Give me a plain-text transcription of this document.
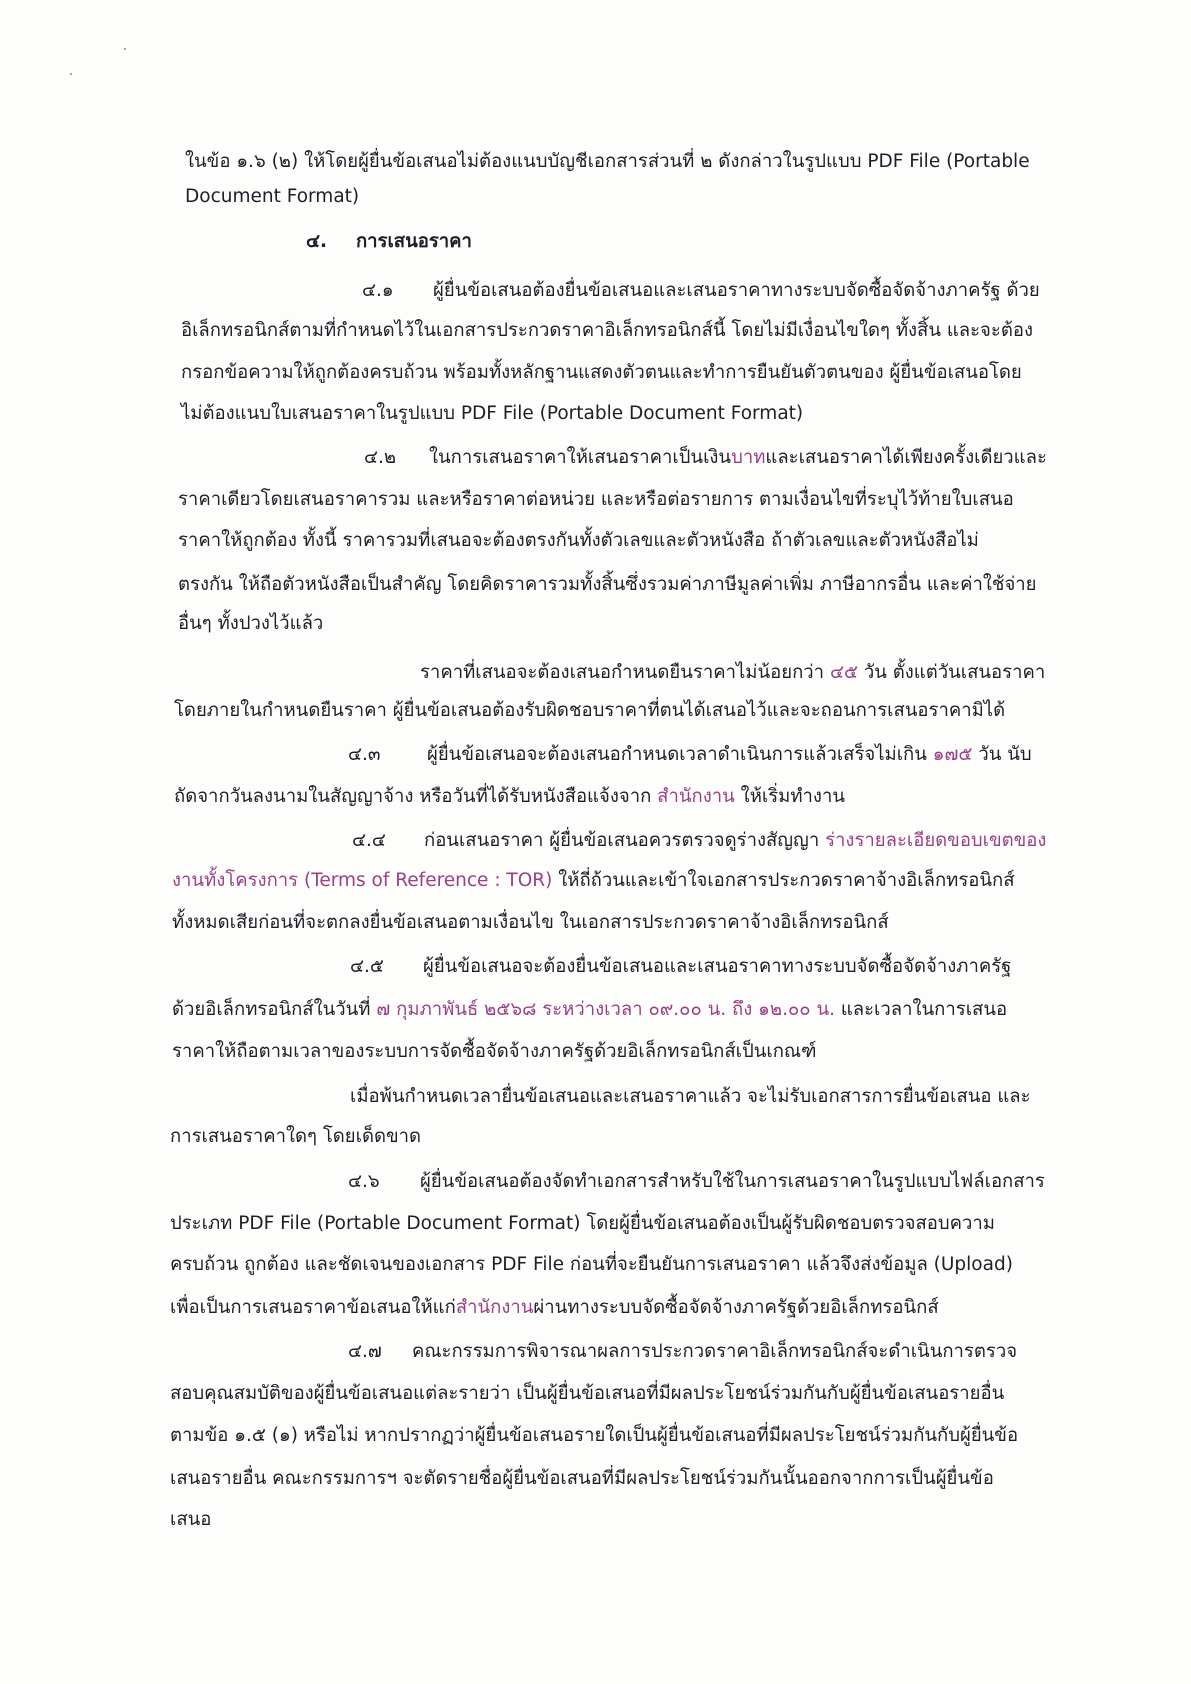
ในข้อ ๑.๖ (๒) ให้โดยผู้ยื่นข้อเสนอไม่ต้องแนบบัญชีเอกสารส่วนที่ ๒ ดังกล่าวในรูปแบบ PDF File (Portable

Document Format)

๔. การเสนอราคา

๔.๑ ผู้ยื่นข้อเสนอต้องยื่นข้อเสนอและเสนอราคาทางระบบจัดซื้อจัดจ้างภาครัฐ ด้วย

อิเล็กทรอนิกส์ตามที่กำหนดไว้ในเอกสารประกวดราคาอิเล็กทรอนิกส์นี้ โดยไม่มีเงื่อนไขใดๆ ทั้งสิ้น และจะต้อง

กรอกข้อความให้ถูกต้องครบถ้วน พร้อมทั้งหลักฐานแสดงตัวตนและทำการยืนยันตัวตนของ ผู้ยื่นข้อเสนอโดย

ไม่ต้องแนบใบเสนอราคาในรูปแบบ PDF File (Portable Document Format)

๔.๒ ในการเสนอราคาให้เสนอราคาเป็นเงินบาทและเสนอราคาได้เพียงครั้งเดียวและ

ราคาเดียวโดยเสนอราคารวม และหรือราคาต่อหน่วย และหรือต่อรายการ ตามเงื่อนไขที่ระบุไว้ท้ายใบเสนอ

ราคาให้ถูกต้อง ทั้งนี้ ราคารวมที่เสนอจะต้องตรงกันทั้งตัวเลขและตัวหนังสือ ถ้าตัวเลขและตัวหนังสือไม่

ตรงกัน ให้ถือตัวหนังสือเป็นสำคัญ โดยคิดราคารวมทั้งสิ้นซึ่งรวมค่าภาษีมูลค่าเพิ่ม ภาษีอากรอื่น และค่าใช้จ่าย

อื่นๆ ทั้งปวงไว้แล้ว

ราคาที่เสนอจะต้องเสนอกำหนดยืนราคาไม่น้อยกว่า ๔๕ วัน ตั้งแต่วันเสนอราคา

โดยภายในกำหนดยืนราคา ผู้ยื่นข้อเสนอต้องรับผิดชอบราคาที่ตนได้เสนอไว้และจะถอนการเสนอราคามิได้

๔.๓	ผู้ยื่นข้อเสนอจะต้องเสนอกำหนดเวลาดำเนินการแล้วเสร็จไม่เกิน ๑๗๕ วัน นับ

ถัดจากวันลงนามในสัญญาจ้าง หรือวันที่ได้รับหนังสือแจ้งจาก สำนักงาน ให้เริ่มทำงาน

๔.๔ ก่อนเสนอราคา ผู้ยื่นข้อเสนอควรตรวจดูร่างสัญญา ร่างรายละเอียดขอบเขตของ

งานทั้งโครงการ (Terms of Reference : TOR) ให้ถี่ถ้วนและเข้าใจเอกสารประกวดราคาจ้างอิเล็กทรอนิกส์

ทั้งหมดเสียก่อนที่จะตกลงยื่นข้อเสนอตามเงื่อนไข ในเอกสารประกวดราคาจ้างอิเล็กทรอนิกส์

๔.๕ ผู้ยื่นข้อเสนอจะต้องยื่นข้อเสนอและเสนอราคาทางระบบจัดซื้อจัดจ้างภาครัฐ

ด้วยอิเล็กทรอนิกส์ในวันที่ ๗ กุมภาพันธ์ ๒๕๖๘ ระหว่างเวลา ๐๙.๐๐ น. ถึง ๑๒.๐๐ น. และเวลาในการเสนอ

ราคาให้ถือตามเวลาของระบบการจัดซื้อจัดจ้างภาครัฐด้วยอิเล็กทรอนิกส์เป็นเกณฑ์

เมื่อพ้นกำหนดเวลายื่นข้อเสนอและเสนอราคาแล้ว จะไม่รับเอกสารการยื่นข้อเสนอ และ

การเสนอราคาใดๆ โดยเด็ดขาด

๔.๖ ผู้ยื่นข้อเสนอต้องจัดทำเอกสารสำหรับใช้ในการเสนอราคาในรูปแบบไฟล์เอกสาร

ประเภท PDF File (Portable Document Format) โดยผู้ยื่นข้อเสนอต้องเป็นผู้รับผิดชอบตรวจสอบความ

ครบถ้วน ถูกต้อง และชัดเจนของเอกสาร PDF File ก่อนที่จะยืนยันการเสนอราคา แล้วจึงส่งข้อมูล (Upload)

เพื่อเป็นการเสนอราคาข้อเสนอให้แก่สำนักงานผ่านทางระบบจัดซื้อจัดจ้างภาครัฐด้วยอิเล็กทรอนิกส์

๔.๗ คณะกรรมการพิจารณาผลการประกวดราคาอิเล็กทรอนิกส์จะดำเนินการตรวจ

สอบคุณสมบัติของผู้ยื่นข้อเสนอแต่ละรายว่า เป็นผู้ยื่นข้อเสนอที่มีผลประโยชน์ร่วมกันกับผู้ยื่นข้อเสนอรายอื่น

ตามข้อ ๑.๕ (๑) หรือไม่ หากปรากฏว่าผู้ยื่นข้อเสนอรายใดเป็นผู้ยื่นข้อเสนอที่มีผลประโยชน์ร่วมกันกับผู้ยื่นข้อ

เสนอรายอื่น คณะกรรมการฯ จะตัดรายชื่อผู้ยื่นข้อเสนอที่มีผลประโยชน์ร่วมกันนั้นออกจากการเป็นผู้ยื่นข้อ

เสนอ
